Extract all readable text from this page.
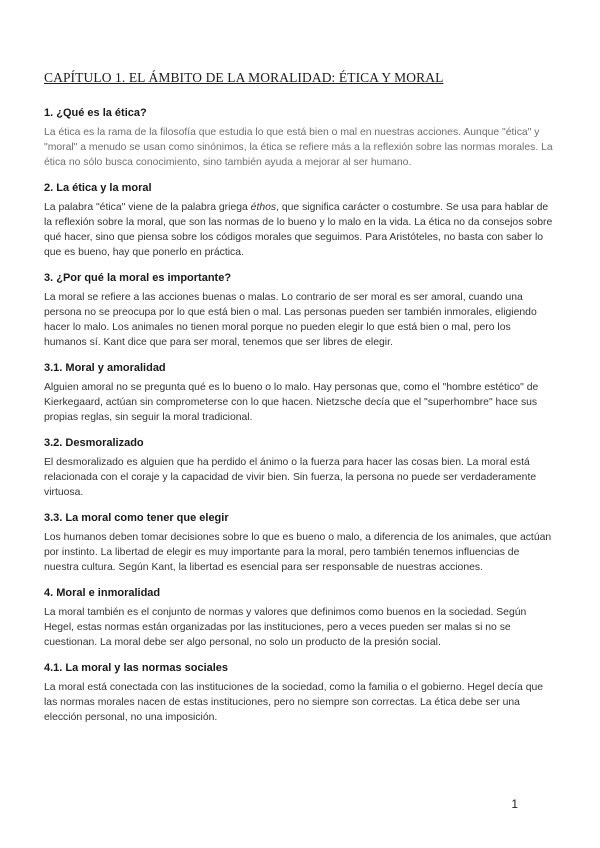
CAPÍTULO 1. EL ÁMBITO DE LA MORALIDAD: ÉTICA Y MORAL
1. ¿Qué es la ética?

La ética es la rama de la filosofía que estudia lo que está bien o mal en nuestras acciones. Aunque "ética" y "moral" a menudo se usan como sinónimos, la ética se refiere más a la reflexión sobre las normas morales. La ética no sólo busca conocimiento, sino también ayuda a mejorar al ser humano.

2. La ética y la moral

La palabra "ética" viene de la palabra griega éthos, que significa carácter o costumbre. Se usa para hablar de la reflexión sobre la moral, que son las normas de lo bueno y lo malo en la vida. La ética no da consejos sobre qué hacer, sino que piensa sobre los códigos morales que seguimos. Para Aristóteles, no basta con saber lo que es bueno, hay que ponerlo en práctica.

3. ¿Por qué la moral es importante?

La moral se refiere a las acciones buenas o malas. Lo contrario de ser moral es ser amoral, cuando una persona no se preocupa por lo que está bien o mal. Las personas pueden ser también inmorales, eligiendo hacer lo malo. Los animales no tienen moral porque no pueden elegir lo que está bien o mal, pero los humanos sí. Kant dice que para ser moral, tenemos que ser libres de elegir.

3.1. Moral y amoralidad

Alguien amoral no se pregunta qué es lo bueno o lo malo. Hay personas que, como el "hombre estético" de Kierkegaard, actúan sin comprometerse con lo que hacen. Nietzsche decía que el "superhombre" hace sus propias reglas, sin seguir la moral tradicional.

3.2. Desmoralizado

El desmoralizado es alguien que ha perdido el ánimo o la fuerza para hacer las cosas bien. La moral está relacionada con el coraje y la capacidad de vivir bien. Sin fuerza, la persona no puede ser verdaderamente virtuosa.

3.3. La moral como tener que elegir

Los humanos deben tomar decisiones sobre lo que es bueno o malo, a diferencia de los animales, que actúan por instinto. La libertad de elegir es muy importante para la moral, pero también tenemos influencias de nuestra cultura. Según Kant, la libertad es esencial para ser responsable de nuestras acciones.

4. Moral e inmoralidad

La moral también es el conjunto de normas y valores que definimos como buenos en la sociedad. Según Hegel, estas normas están organizadas por las instituciones, pero a veces pueden ser malas si no se cuestionan. La moral debe ser algo personal, no solo un producto de la presión social.

4.1. La moral y las normas sociales

La moral está conectada con las instituciones de la sociedad, como la familia o el gobierno. Hegel decía que las normas morales nacen de estas instituciones, pero no siempre son correctas. La ética debe ser una elección personal, no una imposición.

1
